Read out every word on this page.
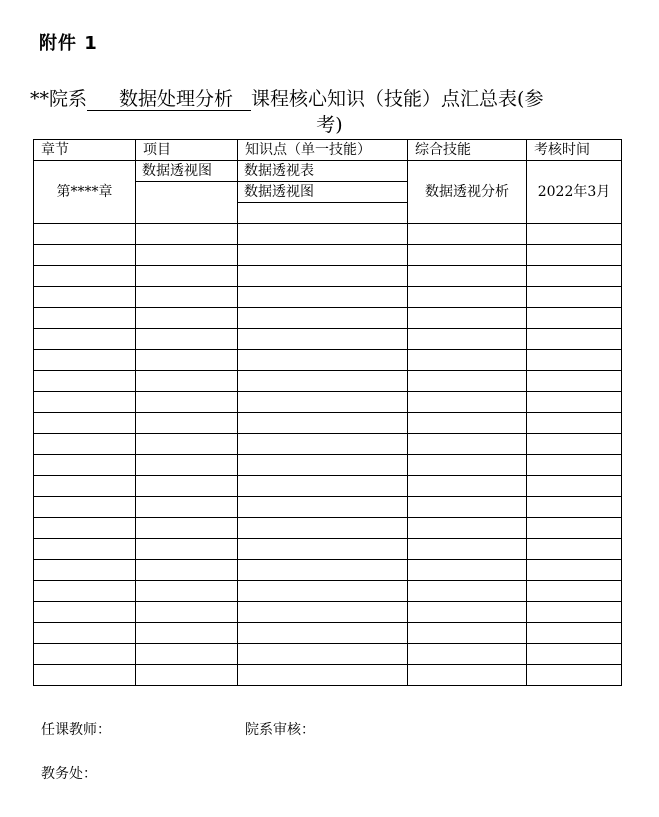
附件 1
**院系 数据处理分析 课程核心知识（技能）点汇总表(参
考)
章节	项目	知识点（单一技能）	综合技能	考核时间
第****章	数据透视图	数据透视表	数据透视分析	2022年3月
		数据透视图		

任课教师：	院系审核：
教务处：
